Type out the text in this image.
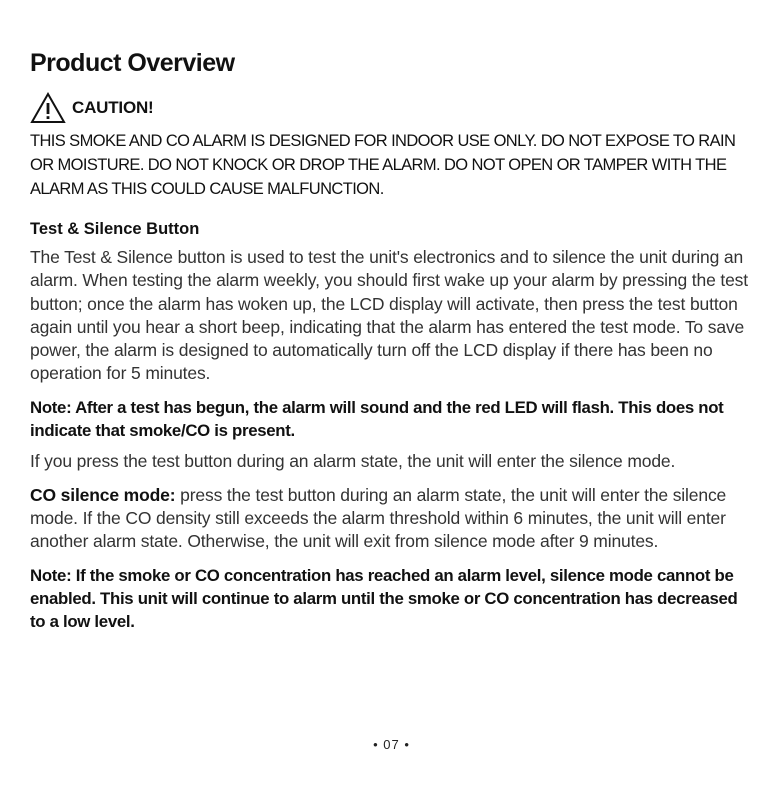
Product Overview
CAUTION!

THIS SMOKE AND CO ALARM IS DESIGNED FOR INDOOR USE ONLY. DO NOT EXPOSE TO RAIN OR MOISTURE. DO NOT KNOCK OR DROP THE ALARM. DO NOT OPEN OR TAMPER WITH THE ALARM AS THIS COULD CAUSE MALFUNCTION.

Test & Silence Button

The Test & Silence button is used to test the unit's electronics and to silence the unit during an alarm. When testing the alarm weekly, you should first wake up your alarm by pressing the test button; once the alarm has woken up, the LCD display will activate, then press the test button again until you hear a short beep, indicating that the alarm has entered the test mode. To save power, the alarm is designed to automatically turn off the LCD display if there has been no operation for 5 minutes.

Note: After a test has begun, the alarm will sound and the red LED will flash. This does not indicate that smoke/CO is present.

If you press the test button during an alarm state, the unit will enter the silence mode.

CO silence mode: press the test button during an alarm state, the unit will enter the silence mode. If the CO density still exceeds the alarm threshold within 6 minutes, the unit will enter another alarm state. Otherwise, the unit will exit from silence mode after 9 minutes.

Note: If the smoke or CO concentration has reached an alarm level, silence mode cannot be enabled. This unit will continue to alarm until the smoke or CO concentration has decreased to a low level.

• 07 •
